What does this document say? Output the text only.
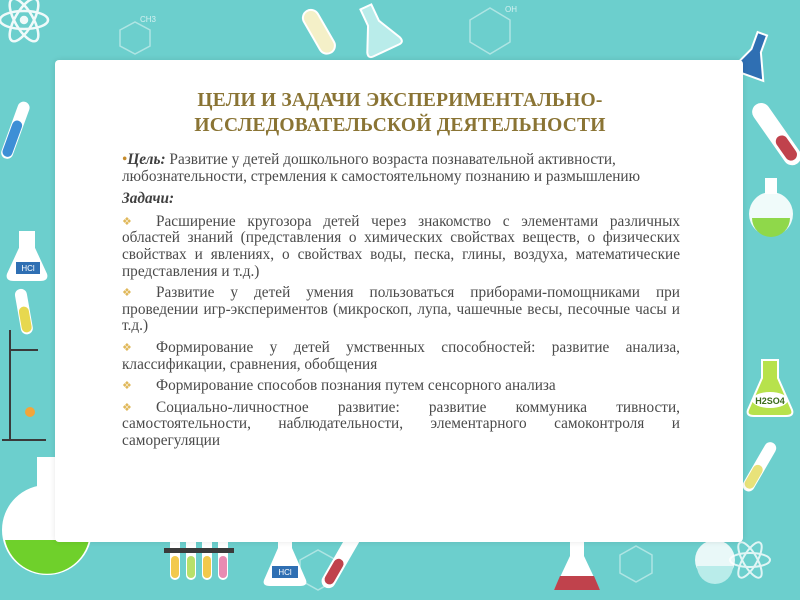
CH3
OH
H2SO4
HCl
HCl
ЦЕЛИ И ЗАДАЧИ ЭКСПЕРИМЕНТАЛЬНО-
ИССЛЕДОВАТЕЛЬСКОЙ ДЕЯТЕЛЬНОСТИ
•Цель: Развитие у детей дошкольного возраста познавательной активности, любознательности, стремления к самостоятельному познанию и размышлению
Задачи:
❖ Расширение кругозора детей через знакомство с элементами различных областей знаний (представления о химических свойствах веществ, о физических свойствах и явлениях, о свойствах воды, песка, глины, воздуха, математические представления и т.д.)
❖ Развитие у детей умения пользоваться приборами-помощниками при проведении игр-экспериментов (микроскоп, лупа, чашечные весы, песочные часы и т.д.)
❖ Формирование у детей умственных способностей: развитие анализа, классификации, сравнения, обобщения
❖ Формирование способов познания путем сенсорного анализа
❖ Социально-личностное развитие: развитие коммуника тивности, самостоятельности, наблюдательности, элементарного самоконтроля и саморегуляции
